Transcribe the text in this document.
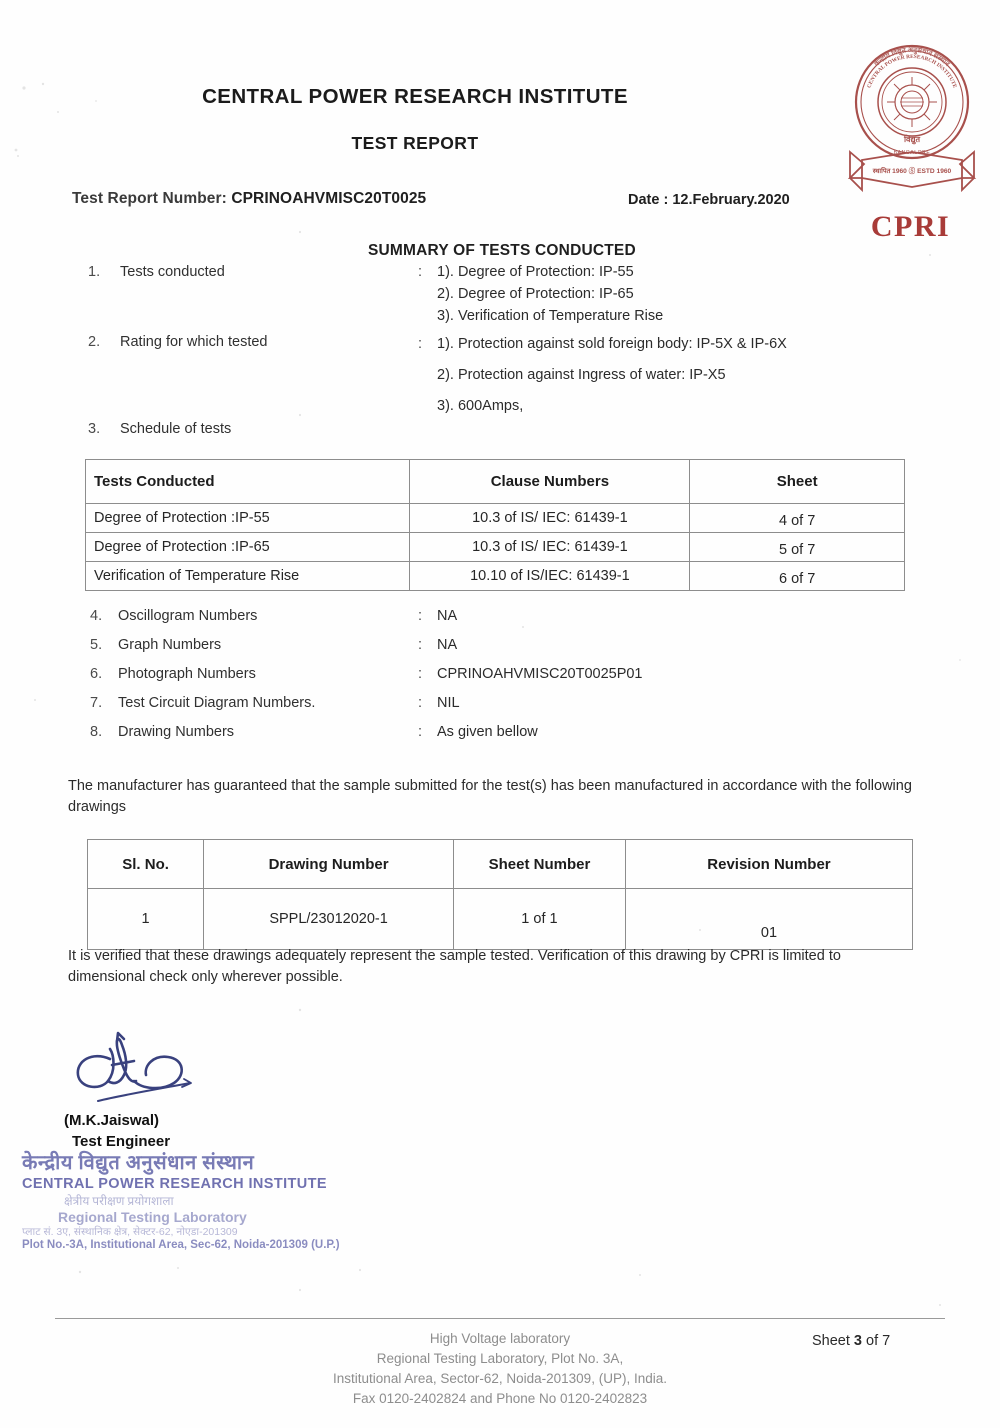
CENTRAL POWER RESEARCH INSTITUTE
TEST REPORT
Test Report Number: CPRINOAHVMISC20T0025	Date : 12.February.2020
CENTRAL POWER RESEARCH INSTITUTE
केन्द्रीय विद्युत अनुसंधान संस्थान
विद्युत
BANGALORE
स्थापित 1960 Ⓢ ESTD 1960
CPRI
SUMMARY OF TESTS CONDUCTED
1. Tests conducted	: 1). Degree of Protection: IP-55
2). Degree of Protection: IP-65
3). Verification of Temperature Rise
2. Rating for which tested	: 1). Protection against sold foreign body: IP-5X & IP-6X
2). Protection against Ingress of water: IP-X5
3). 600Amps,
3. Schedule of tests
Tests Conducted	Clause Numbers	Sheet
Degree of Protection :IP-55	10.3 of IS/ IEC: 61439-1	4 of 7
Degree of Protection :IP-65	10.3 of IS/ IEC: 61439-1	5 of 7
Verification of Temperature Rise	10.10 of IS/IEC: 61439-1	6 of 7
4. Oscillogram Numbers	: NA
5. Graph Numbers	: NA
6. Photograph Numbers	: CPRINOAHVMISC20T0025P01
7. Test Circuit Diagram Numbers.	: NIL
8. Drawing Numbers	: As given bellow
The manufacturer has guaranteed that the sample submitted for the test(s) has been manufactured in accordance with the following drawings
Sl. No.	Drawing Number	Sheet Number	Revision Number
1	SPPL/23012020-1	1 of 1	01
It is verified that these drawings adequately represent the sample tested. Verification of this drawing by CPRI is limited to dimensional check only wherever possible.
(M.K.Jaiswal)
Test Engineer
केन्द्रीय विद्युत अनुसंधान संस्थान
CENTRAL POWER RESEARCH INSTITUTE
क्षेत्रीय परीक्षण प्रयोगशाला
Regional Testing Laboratory
प्लाट सं. 3ए, संस्थानिक क्षेत्र, सेक्टर-62, नोएडा-201309
Plot No.-3A, Institutional Area, Sec-62, Noida-201309 (U.P.)
High Voltage laboratory
Regional Testing Laboratory, Plot No. 3A,
Institutional Area, Sector-62, Noida-201309, (UP), India.
Fax 0120-2402824 and Phone No 0120-2402823
Sheet 3 of 7
